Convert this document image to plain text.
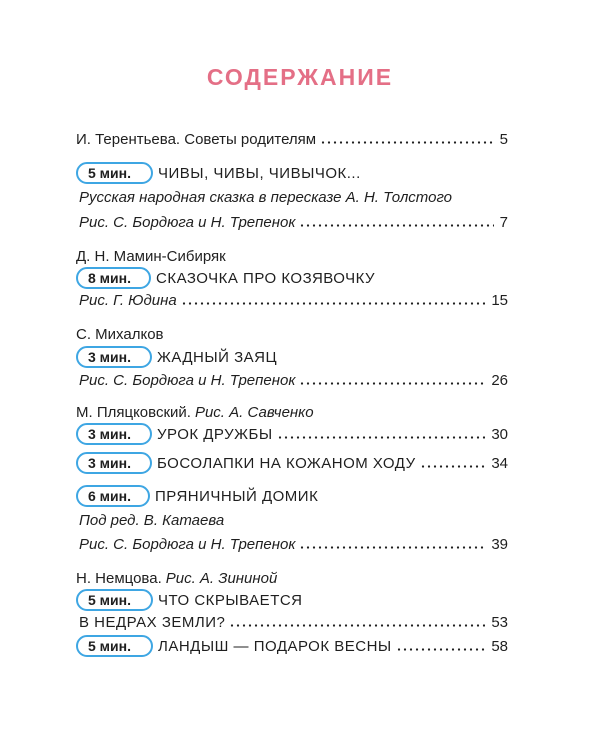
СОДЕРЖАНИЕ
И. Терентьева. Советы родителям	5
5 мин.	ЧИВЫ, ЧИВЫ, ЧИВЫЧОК...
Русская народная сказка в пересказе А. Н. Толстого
Рис. С. Бордюга и Н. Трепенок	7
Д. Н. Мамин-Сибиряк
8 мин.	СКАЗОЧКА ПРО КОЗЯВОЧКУ
Рис. Г. Юдина	15
С. Михалков
3 мин.	ЖАДНЫЙ ЗАЯЦ
Рис. С. Бордюга и Н. Трепенок	26
М. Пляцковский. Рис. А. Савченко
3 мин.	УРОК ДРУЖБЫ	30
3 мин.	БОСОЛАПКИ НА КОЖАНОМ ХОДУ	34
6 мин.	ПРЯНИЧНЫЙ ДОМИК
Под ред. В. Катаева
Рис. С. Бордюга и Н. Трепенок	39
Н. Немцова. Рис. А. Зининой
5 мин.	ЧТО СКРЫВАЕТСЯ
В НЕДРАХ ЗЕМЛИ?	53
5 мин.	ЛАНДЫШ — ПОДАРОК ВЕСНЫ	58
